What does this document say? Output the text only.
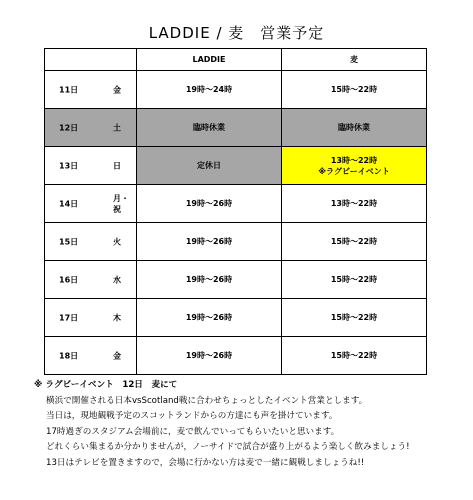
LADDIE / 麦　営業予定
	LADDIE	麦

11日 金	19時～24時	15時～22時

12日 土	臨時休業	臨時休業

13日 日	定休日	13時～22時
※ラグビーイベント

14日
月・祝	19時～26時	13時～22時

15日 火	19時～26時	15時～22時

16日 水	19時～26時	15時～22時

17日 木	19時～26時	15時～22時

18日 金	19時～26時	15時～22時
※ ラグビーイベント　12日　麦にて
横浜で開催される日本vsScotland戦に合わせちょっとしたイベント営業とします。
当日は，現地観戦予定のスコットランドからの方達にも声を掛けています。
17時過ぎのスタジアム会場前に，麦で飲んでいってもらいたいと思います。
どれくらい集まるか分かりませんが，ノーサイドで試合が盛り上がるよう楽しく飲みましょう!
13日はテレビを置きますので，会場に行かない方は麦で一緒に観戦しましょうね!!
